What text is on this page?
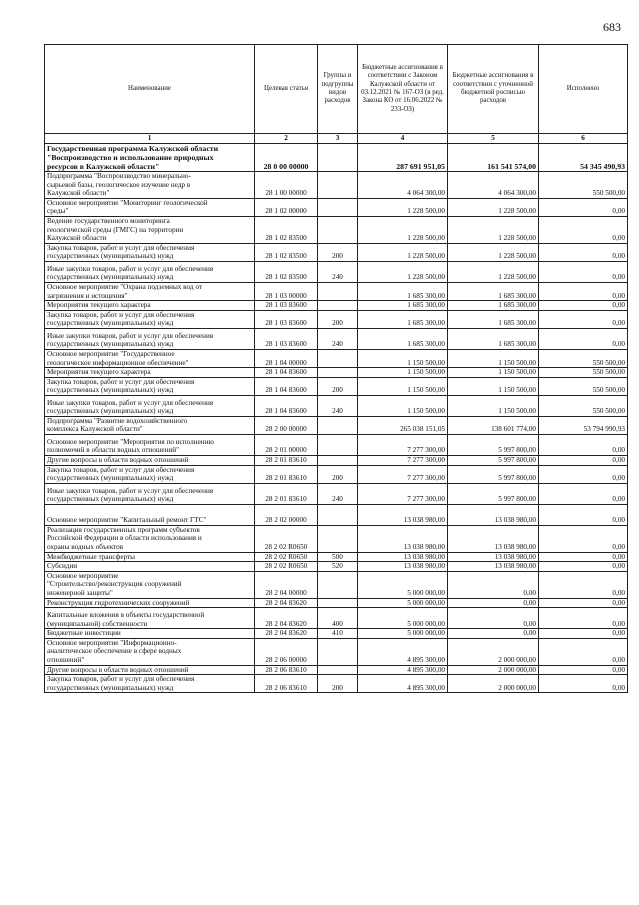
683
Наименование	Целевая статья	Группы и подгруппы видов расходов	Бюджетные ассигнования в соответствии с Законом Калужской области от 03.12.2021 № 167-ОЗ (в ред. Закона КО от 16.06.2022 № 233-ОЗ)	Бюджетные ассигнования в соответствии с уточненной бюджетной росписью расходов	Исполнено
1	2	3	4	5	6
Государственная программа Калужской области
"Воспроизводство и использование природных
ресурсов в Калужской области"	28 0 00 00000		287 691 951,05	161 541 574,00	54 345 490,93
Подпрограмма "Воспроизводство минерально-
сырьевой базы, геологическое изучение недр в
Калужской области"	28 1 00 00000		4 064 300,00	4 064 300,00	550 500,00
Основное мероприятие "Мониторинг геологической
среды"	28 1 02 00000		1 228 500,00	1 228 500,00	0,00
Ведение государственного мониторинга
геологической среды (ГМГС) на территории
Калужской области	28 1 02 83500		1 228 500,00	1 228 500,00	0,00
Закупка товаров, работ и услуг для обеспечения
государственных (муниципальных) нужд	28 1 02 83500	200	1 228 500,00	1 228 500,00	0,00
Иные закупки товаров, работ и услуг для обеспечения
государственных (муниципальных) нужд	28 1 02 83500	240	1 228 500,00	1 228 500,00	0,00
Основное мероприятие "Охрана подземных вод от
загрязнения и истощения"	28 1 03 00000		1 685 300,00	1 685 300,00	0,00
Мероприятия текущего характера	28 1 03 83600		1 685 300,00	1 685 300,00	0,00
Закупка товаров, работ и услуг для обеспечения
государственных (муниципальных) нужд	28 1 03 83600	200	1 685 300,00	1 685 300,00	0,00
Иные закупки товаров, работ и услуг для обеспечения
государственных (муниципальных) нужд	28 1 03 83600	240	1 685 300,00	1 685 300,00	0,00
Основное мероприятие "Государственное
геологическое информационное обеспечение"	28 1 04 00000		1 150 500,00	1 150 500,00	550 500,00
Мероприятия текущего характера	28 1 04 83600		1 150 500,00	1 150 500,00	550 500,00
Закупка товаров, работ и услуг для обеспечения
государственных (муниципальных) нужд	28 1 04 83600	200	1 150 500,00	1 150 500,00	550 500,00
Иные закупки товаров, работ и услуг для обеспечения
государственных (муниципальных) нужд	28 1 04 83600	240	1 150 500,00	1 150 500,00	550 500,00
Подпрограмма "Развитие водохозяйственного
комплекса Калужской области"	28 2 00 00000		265 038 151,05	138 601 774,00	53 794 990,93
Основное мероприятие "Мероприятия по исполнению
полномочий в области водных отношений"	28 2 01 00000		7 277 300,00	5 997 800,00	0,00
Другие вопросы в области водных отношений	28 2 01 83610		7 277 300,00	5 997 800,00	0,00
Закупка товаров, работ и услуг для обеспечения
государственных (муниципальных) нужд	28 2 01 83610	200	7 277 300,00	5 997 800,00	0,00
Иные закупки товаров, работ и услуг для обеспечения
государственных (муниципальных) нужд	28 2 01 83610	240	7 277 300,00	5 997 800,00	0,00
Основное мероприятие "Капитальный ремонт ГТС"	28 2 02 00000		13 038 980,00	13 038 980,00	0,00
Реализация государственных программ субъектов
Российской Федерации в области использования и
охраны водных объектов	28 2 02 R0650		13 038 980,00	13 038 980,00	0,00
Межбюджетные трансферты	28 2 02 R0650	500	13 038 980,00	13 038 980,00	0,00
Субсидии	28 2 02 R0650	520	13 038 980,00	13 038 980,00	0,00
Основное мероприятие
"Строительство/реконструкция сооружений
инженерной защиты"	28 2 04 00000		5 000 000,00	0,00	0,00
Реконструкция гидротехнических сооружений	28 2 04 83620		5 000 000,00	0,00	0,00
Капитальные вложения в объекты государственной
(муниципальной) собственности	28 2 04 83620	400	5 000 000,00	0,00	0,00
Бюджетные инвестиции	28 2 04 83620	410	5 000 000,00	0,00	0,00
Основное мероприятие "Информационно-
аналитическое обеспечение в сфере водных
отношений"	28 2 06 00000		4 895 300,00	2 000 000,00	0,00
Другие вопросы в области водных отношений	28 2 06 83610		4 895 300,00	2 000 000,00	0,00
Закупка товаров, работ и услуг для обеспечения
государственных (муниципальных) нужд	28 2 06 83610	200	4 895 300,00	2 000 000,00	0,00
